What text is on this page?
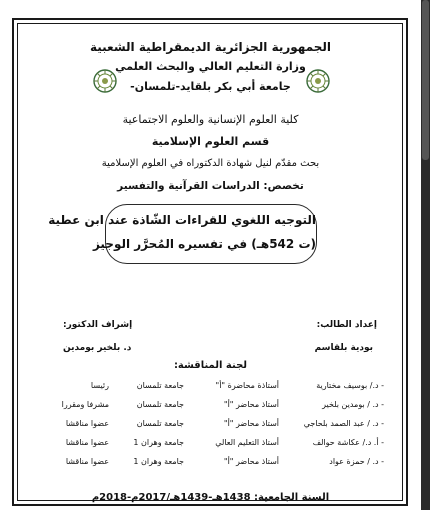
الجمهورية الجزائرية الديمقراطية الشعبية
وزارة التعليم العالي والبحث العلمي
جامعة أبي بكر بلقايد-تلمسان-
كلية العلوم الإنسانية والعلوم الاجتماعية
قسم العلوم الإسلامية
بحث مقدّم لنيل شهادة الدكتوراه في العلوم الإسلامية
تخصص: الدراسات القرآنية والتفسير
التوجيه اللغوي للقراءات الشّاذة عند ابن عطية
(ت 542هـ) في تفسيره المُحرَّر الوجيز
إعداد الطالب:
بودية بلقاسم
إشراف الدكتور:
د. بلخير بومدين
لجنة المناقشة:
- د./ بوسيف مختارية	أستاذة محاضرة "أ"	جامعة تلمسان	رئيسا
- د. / بومدين بلخير	أستاذ محاضر "أ"	جامعة تلمسان	مشرفا ومقررا
- د. / عبد الصمد بلحاجي	أستاذ محاضر "أ"	جامعة تلمسان	عضوا مناقشا
- أ. د./ عكاشة حوالف	أستاذ التعليم العالي	جامعة وهران 1	عضوا مناقشا
- د. / حمزة عواد	أستاذ محاضر "أ"	جامعة وهران 1	عضوا مناقشا
السنة الجامعية: 1438هـ-1439هـ/2017م-2018م
